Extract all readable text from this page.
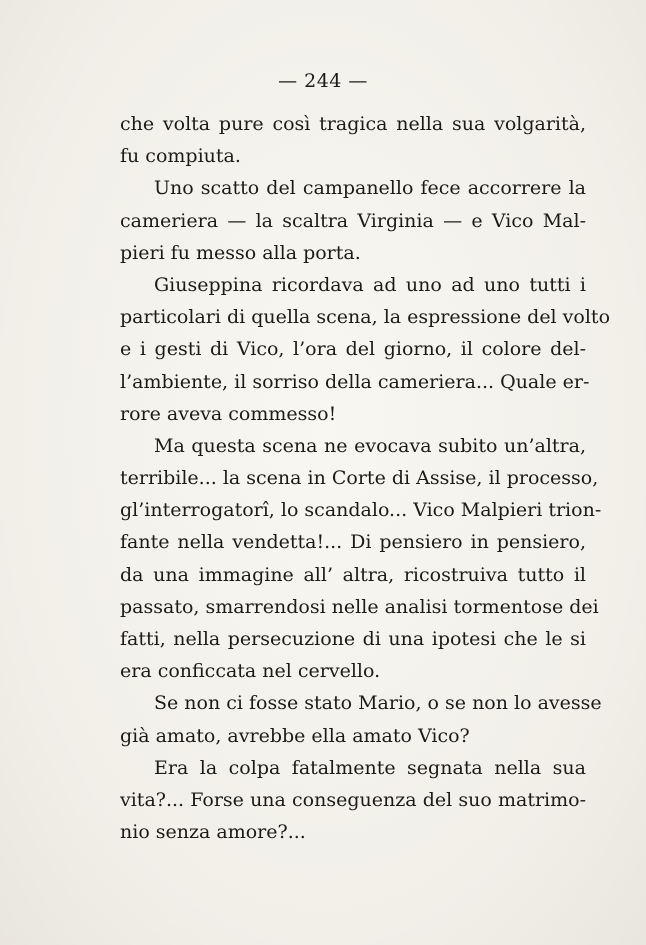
— 244 —
che volta pure così tragica nella sua volgarità,
fu compiuta.
Uno scatto del campanello fece accorrere la
cameriera — la scaltra Virginia — e Vico Mal-
pieri fu messo alla porta.
Giuseppina ricordava ad uno ad uno tutti i
particolari di quella scena, la espressione del volto
e i gesti di Vico, l’ora del giorno, il colore del-
l’ambiente, il sorriso della cameriera... Quale er-
rore aveva commesso!
Ma questa scena ne evocava subito un’altra,
terribile... la scena in Corte di Assise, il processo,
gl’interrogatorî, lo scandalo... Vico Malpieri trion-
fante nella vendetta!... Di pensiero in pensiero,
da una immagine all’ altra, ricostruiva tutto il
passato, smarrendosi nelle analisi tormentose dei
fatti, nella persecuzione di una ipotesi che le si
era conficcata nel cervello.
Se non ci fosse stato Mario, o se non lo avesse
già amato, avrebbe ella amato Vico?
Era la colpa fatalmente segnata nella sua
vita?... Forse una conseguenza del suo matrimo-
nio senza amore?...
